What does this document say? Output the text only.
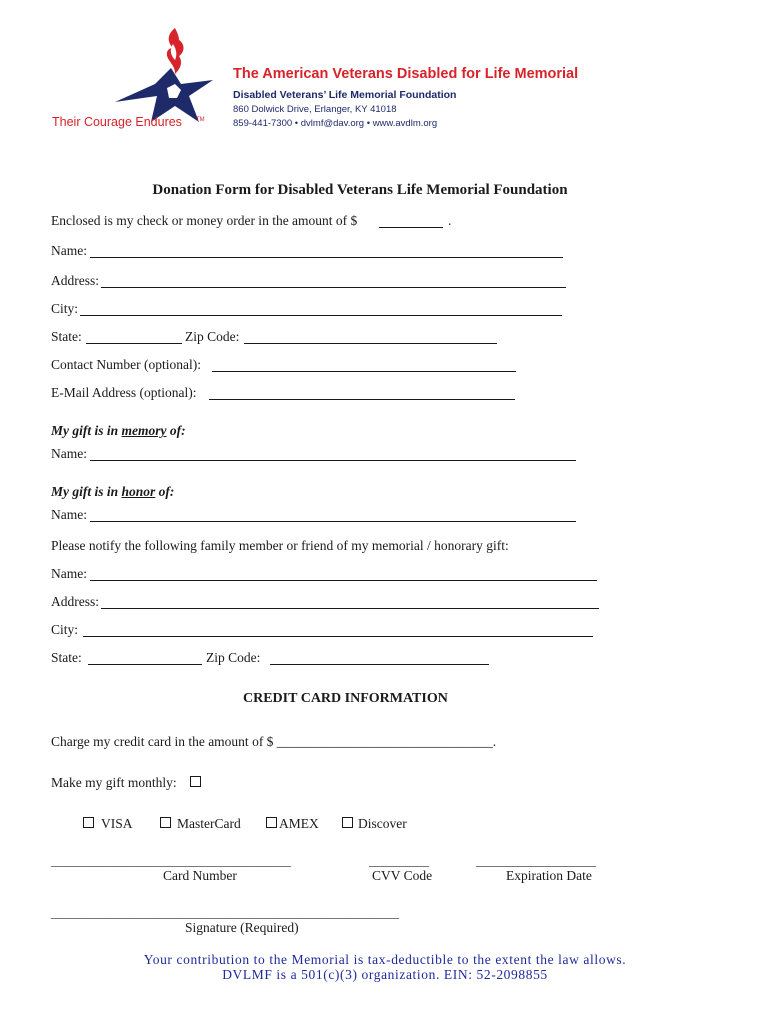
The American Veterans Disabled for Life Memorial
Disabled Veterans’ Life Memorial Foundation
860 Dolwick Drive, Erlanger, KY 41018
859-441-7300 • dvlmf@dav.org • www.avdlm.org
Their Courage Endures TM
Donation Form for Disabled Veterans Life Memorial Foundation
Enclosed is my check or money order in the amount of $	.
Name:
Address:
City:
State:	Zip Code:
Contact Number (optional):
E-Mail Address (optional):
My gift is in memory of:
Name:
My gift is in honor of:
Name:
Please notify the following family member or friend of my memorial / honorary gift:
Name:
Address:
City:
State:	Zip Code:
CREDIT CARD INFORMATION
Charge my credit card in the amount of $ ________________________________.
Make my gift monthly:
VISA	MasterCard	AMEX	Discover
________________________________________	__________	____________________
Card Number	CVV Code	Expiration Date
__________________________________________________________
Signature (Required)
Your contribution to the Memorial is tax-deductible to the extent the law allows.
DVLMF is a 501(c)(3) organization. EIN: 52-2098855
